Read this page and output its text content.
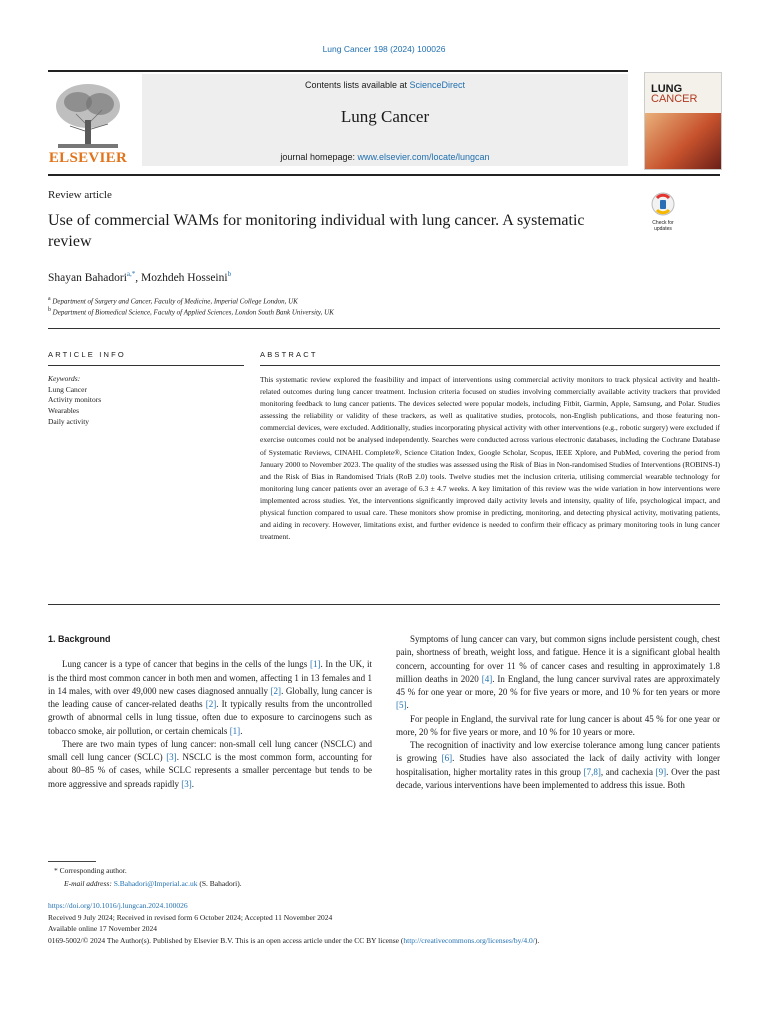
Lung Cancer 198 (2024) 100026
ELSEVIER
Contents lists available at ScienceDirect
Lung Cancer
journal homepage: www.elsevier.com/locate/lungcan
LUNG
CANCER
Review article
Use of commercial WAMs for monitoring individual with lung cancer. A systematic review
Check for
updates
Shayan Bahadori$^{a,*}$, Mozhdeh Hosseini$^b$
$^a$ Department of Surgery and Cancer, Faculty of Medicine, Imperial College London, UK
$^b$ Department of Biomedical Science, Faculty of Applied Sciences, London South Bank University, UK
ARTICLE INFO	ABSTRACT
Keywords:
Lung Cancer
Activity monitors
Wearables
Daily activity
This systematic review explored the feasibility and impact of interventions using commercial activity monitors to track physical activity and health-related outcomes during lung cancer treatment. Inclusion criteria focused on studies involving commercially available activity trackers that provided monitoring feedback to lung cancer patients. The devices selected were popular models, including Fitbit, Garmin, Apple, Samsung, and Polar. Studies assessing the reliability or validity of these trackers, as well as qualitative studies, protocols, non-English publications, and those featuring non-commercial devices, were excluded. Additionally, studies incorporating physical activity with other interventions (e.g., robotic surgery) were excluded if exercise outcomes could not be analysed independently. Searches were conducted across various electronic databases, including the Cochrane Database of Systematic Reviews, CINAHL Complete®, Science Citation Index, Google Scholar, Scopus, IEEE Xplore, and PubMed, covering the period from January 2000 to November 2023. The quality of the studies was assessed using the Risk of Bias in Non-randomised Studies of Interventions (ROBINS-I) and the Risk of Bias in Randomised Trials (RoB 2.0) tools. Twelve studies met the inclusion criteria, utilising commercial wearable technology for monitoring lung cancer patients over an average of 6.3 ± 4.7 weeks. A key limitation of this review was the wide variation in how interventions were implemented across studies. Yet, the interventions significantly improved daily activity levels and intensity, quality of life, psychological impact, and physical function compared to usual care. These monitors show promise in predicting, monitoring, and detecting physical activity, motivating patients, and aiding in recovery. However, limitations exist, and further evidence is needed to confirm their efficacy as primary monitoring tools in lung cancer treatment.

1. Background

Lung cancer is a type of cancer that begins in the cells of the lungs [1]. In the UK, it is the third most common cancer in both men and women, affecting 1 in 13 females and 1 in 14 males, with over 49,000 new cases diagnosed annually [2]. Globally, lung cancer is the leading cause of cancer-related deaths [2]. It typically results from the uncontrolled growth of abnormal cells in lung tissue, often due to exposure to carcinogens such as tobacco smoke, air pollution, or certain chemicals [1].

There are two main types of lung cancer: non-small cell lung cancer (NSCLC) and small cell lung cancer (SCLC) [3]. NSCLC is the most common form, accounting for about 80–85 % of cases, while SCLC represents a smaller percentage but tends to be more aggressive and spreads rapidly [3].

Symptoms of lung cancer can vary, but common signs include persistent cough, chest pain, shortness of breath, weight loss, and fatigue. Hence it is a significant global health concern, accounting for over 11 % of cancer cases and resulting in approximately 1.8 million deaths in 2020 [4]. In England, the lung cancer survival rates are approximately 45 % for one year or more, 20 % for five years or more, and 10 % for ten years or more [5].

For people in England, the survival rate for lung cancer is about 45 % for one year or more, 20 % for five years or more, and 10 % for 10 years or more.

The recognition of inactivity and low exercise tolerance among lung cancer patients is growing [6]. Studies have also associated the lack of daily activity with longer hospitalisation, higher mortality rates in this group [7,8], and cachexia [9]. Over the past decade, various interventions have been implemented to address this issue. Both

* Corresponding author.
E-mail address: S.Bahadori@Imperial.ac.uk (S. Bahadori).
https://doi.org/10.1016/j.lungcan.2024.100026
Received 9 July 2024; Received in revised form 6 October 2024; Accepted 11 November 2024
Available online 17 November 2024
0169-5002/© 2024 The Author(s). Published by Elsevier B.V. This is an open access article under the CC BY license (http://creativecommons.org/licenses/by/4.0/).
